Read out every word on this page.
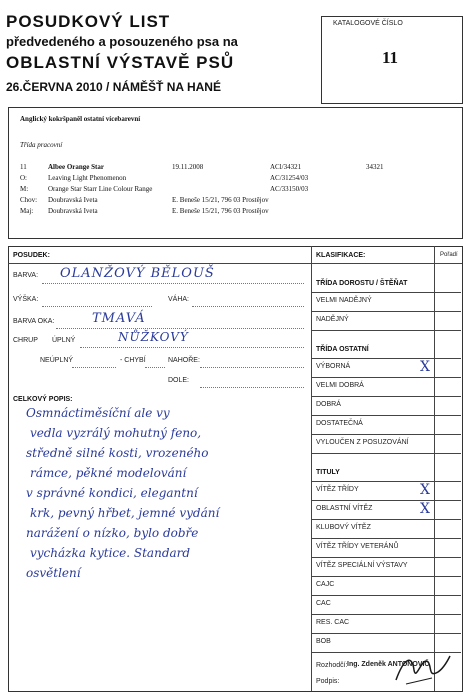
POSUDKOVÝ LIST
předvedeného a posouzeného psa na
OBLASTNÍ VÝSTAVĚ PSŮ
26.ČERVNA 2010 / NÁMĚŠŤ NA HANÉ
KATALOGOVÉ ČÍSLO
11
Anglický kokršpaněl ostatní vícebarevní
Třída pracovní
11	Albee Orange Star	19.11.2008	ACl/34321	34321
O:	Leaving Light Phenomenon	AC/31254/03
M:	Orange Star Starr Line Colour Range	AC/33150/03
Chov: Doubravská Iveta	E. Beneše 15/21, 796 03 Prostějov
Maj: Doubravská Iveta	E. Beneše 15/21, 796 03 Prostějov
POSUDEK:	KLASIFIKACE:	Pořadí
BARVA: OLANŽOVÝ BĚLOUŠ
VÝŠKA:	VÁHA:
BARVA OKA:	TMAVÁ
CHRUP ÚPLNÝ	NŮŽKOVÝ
NEÚPLNÝ	- CHYBÍ	NAHOŘE:
DOLE:
CELKOVÝ POPIS:
Osmnáctiměsíční ale vy
vedla vyzrálý mohutný feno,
středně silné kosti, vrozeného
rámce, pěkné modelování
v správné kondici, elegantní
krk, pevný hřbet, jemné vydání
narážení o nízko, bylo dobře
vycházka kytice. Standard
osvětlení
TŘÍDA DOROSTU / ŠTĚŇAT
VELMI NADĚJNÝ
NADĚJNÝ
TŘÍDA OSTATNÍ
VÝBORNÁ	X
VELMI DOBRÁ
DOBRÁ
DOSTATEČNÁ
VYLOUČEN Z POSUZOVÁNÍ
TITULY
VÍTĚZ TŘÍDY	X
OBLASTNÍ VÍTĚZ	X
KLUBOVÝ VÍTĚZ
VÍTĚZ TŘÍDY VETERÁNŮ
VÍTĚZ SPECIÁLNÍ VÝSTAVY
CAJC
CAC
RES. CAC
BOB
Rozhodčí: Ing. Zdeněk ANTONOVIČ
Podpis:
